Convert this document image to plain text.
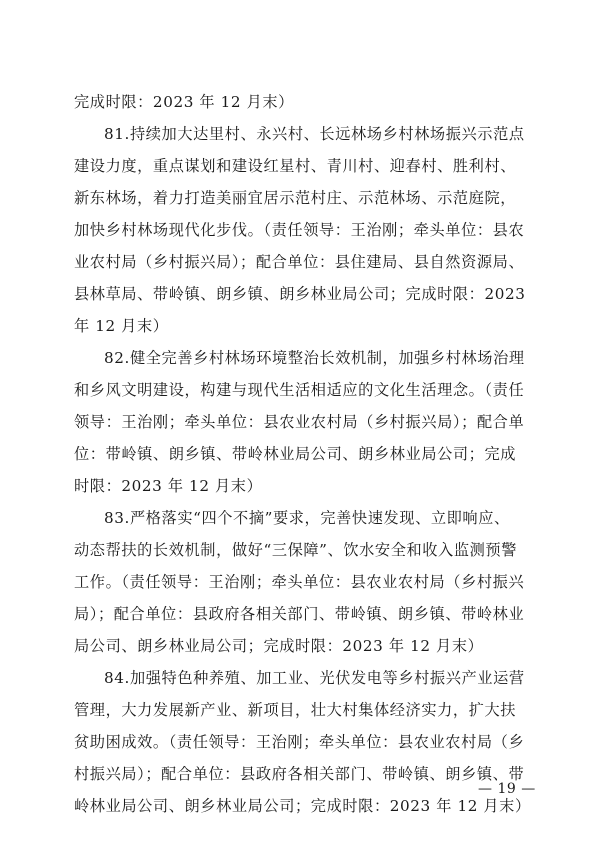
完成时限：2023 年 12 月末）
81.持续加大达里村、永兴村、长远林场乡村林场振兴示范点
建设力度，重点谋划和建设红星村、青川村、迎春村、胜利村、
新东林场，着力打造美丽宜居示范村庄、示范林场、示范庭院，
加快乡村林场现代化步伐。（责任领导：王治刚；牵头单位：县农
业农村局（乡村振兴局）；配合单位：县住建局、县自然资源局、
县林草局、带岭镇、朗乡镇、朗乡林业局公司；完成时限：2023
年 12 月末）
82.健全完善乡村林场环境整治长效机制，加强乡村林场治理
和乡风文明建设，构建与现代生活相适应的文化生活理念。（责任
领导：王治刚；牵头单位：县农业农村局（乡村振兴局）；配合单
位：带岭镇、朗乡镇、带岭林业局公司、朗乡林业局公司；完成
时限：2023 年 12 月末）
83.严格落实“四个不摘”要求，完善快速发现、立即响应、
动态帮扶的长效机制，做好“三保障”、饮水安全和收入监测预警
工作。（责任领导：王治刚；牵头单位：县农业农村局（乡村振兴
局）；配合单位：县政府各相关部门、带岭镇、朗乡镇、带岭林业
局公司、朗乡林业局公司；完成时限：2023 年 12 月末）
84.加强特色种养殖、加工业、光伏发电等乡村振兴产业运营
管理，大力发展新产业、新项目，壮大村集体经济实力，扩大扶
贫助困成效。（责任领导：王治刚；牵头单位：县农业农村局（乡
村振兴局）；配合单位：县政府各相关部门、带岭镇、朗乡镇、带
岭林业局公司、朗乡林业局公司；完成时限：2023 年 12 月末）
— 19 —
